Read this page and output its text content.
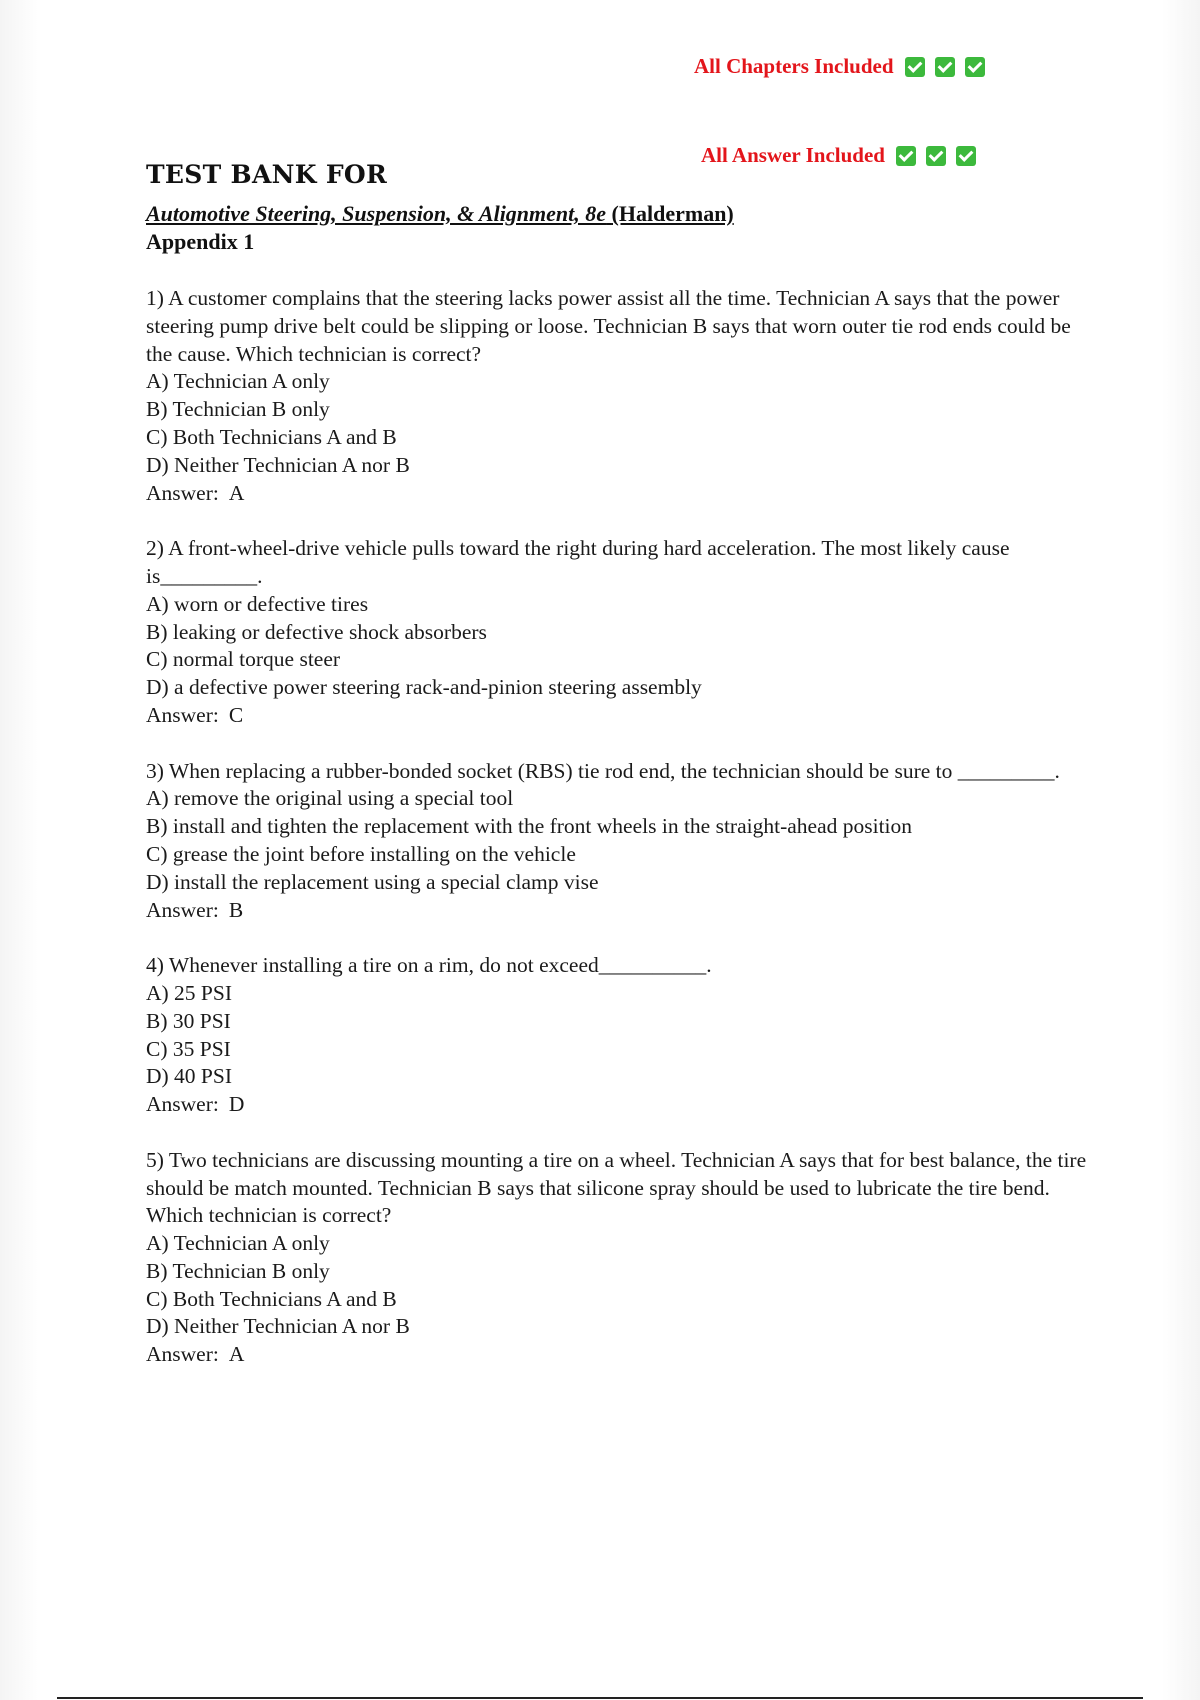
All Chapters Included
All Answer Included
TEST BANK FOR
Automotive Steering, Suspension, & Alignment, 8e (Halderman)
Appendix 1

1) A customer complains that the steering lacks power assist all the time. Technician A says that the power steering pump drive belt could be slipping or loose. Technician B says that worn outer tie rod ends could be the cause. Which technician is correct?

A) Technician A only

B) Technician B only

C) Both Technicians A and B

D) Neither Technician A nor B

Answer: A

2) A front-wheel-drive vehicle pulls toward the right during hard acceleration. The most likely cause is_________.

A) worn or defective tires

B) leaking or defective shock absorbers

C) normal torque steer

D) a defective power steering rack-and-pinion steering assembly

Answer: C

3) When replacing a rubber-bonded socket (RBS) tie rod end, the technician should be sure to _________.

A) remove the original using a special tool

B) install and tighten the replacement with the front wheels in the straight-ahead position

C) grease the joint before installing on the vehicle

D) install the replacement using a special clamp vise

Answer: B

4) Whenever installing a tire on a rim, do not exceed__________.

A) 25 PSI

B) 30 PSI

C) 35 PSI

D) 40 PSI

Answer: D

5) Two technicians are discussing mounting a tire on a wheel. Technician A says that for best balance, the tire should be match mounted. Technician B says that silicone spray should be used to lubricate the tire bend. Which technician is correct?

A) Technician A only

B) Technician B only

C) Both Technicians A and B

D) Neither Technician A nor B

Answer: A
